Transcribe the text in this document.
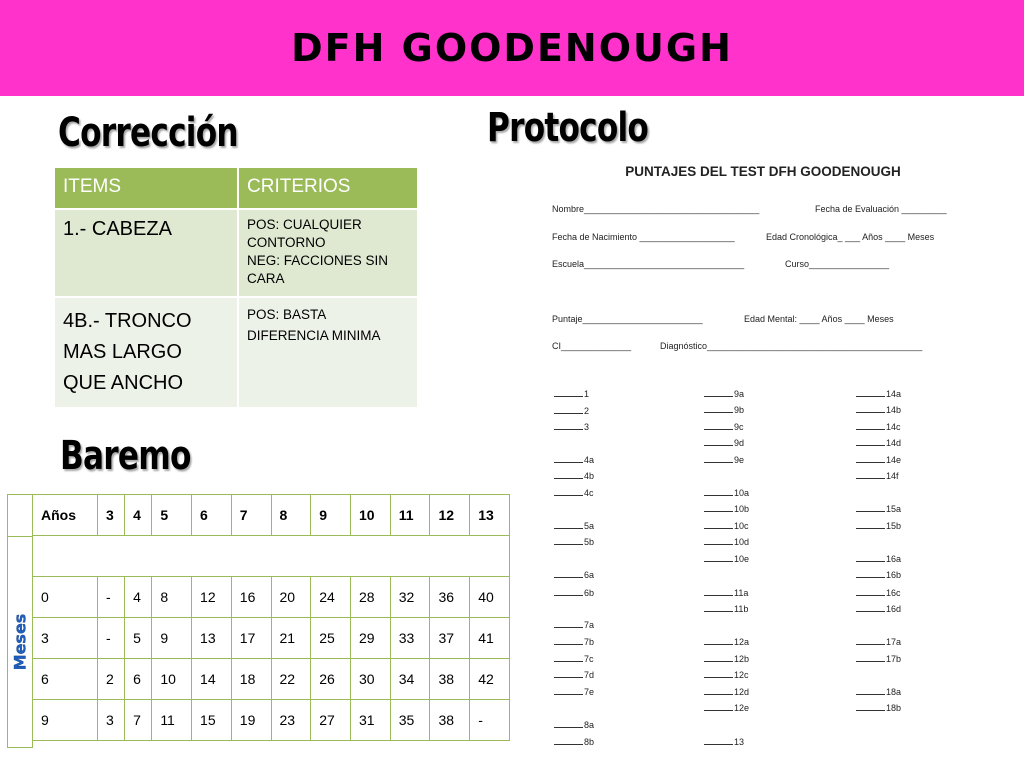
DFH GOODENOUGH
Corrección	Protocolo
Baremo
ITEMS	CRITERIOS
1.- CABEZA	POS: CUALQUIER CONTORNO
NEG: FACCIONES SIN CARA

4B.- TRONCO MAS LARGO QUE ANCHO	POS: BASTA DIFERENCIA MINIMA
PUNTAJES DEL TEST DFH GOODENOUGH
Nombre___________________________________	Fecha de Evaluación _________
Fecha de Nacimiento ___________________	Edad Cronológica_ ___ Años ____ Meses
Escuela________________________________	Curso________________
Puntaje________________________	Edad Mental: ____ Años ____ Meses
CI______________	Diagnóstico___________________________________________
1
2
3
4a
4b
4c
5a
5b
6a
6b
7a
7b
7c
7d
7e
8a
8b
9a
9b
9c
9d
9e
10a
10b
10c
10d
10e
11a
11b
12a
12b
12c
12d
12e
13
14a
14b
14c
14d
14e
14f
15a
15b
16a
16b
16c
16d
17a
17b
18a
18b
Meses
Años	3	4	5	6	7	8	9	10	11	12	13

0	-	4	8	12	16	20	24	28	32	36	40
3	-	5	9	13	17	21	25	29	33	37	41
6	2	6	10	14	18	22	26	30	34	38	42
9	3	7	11	15	19	23	27	31	35	38	-
